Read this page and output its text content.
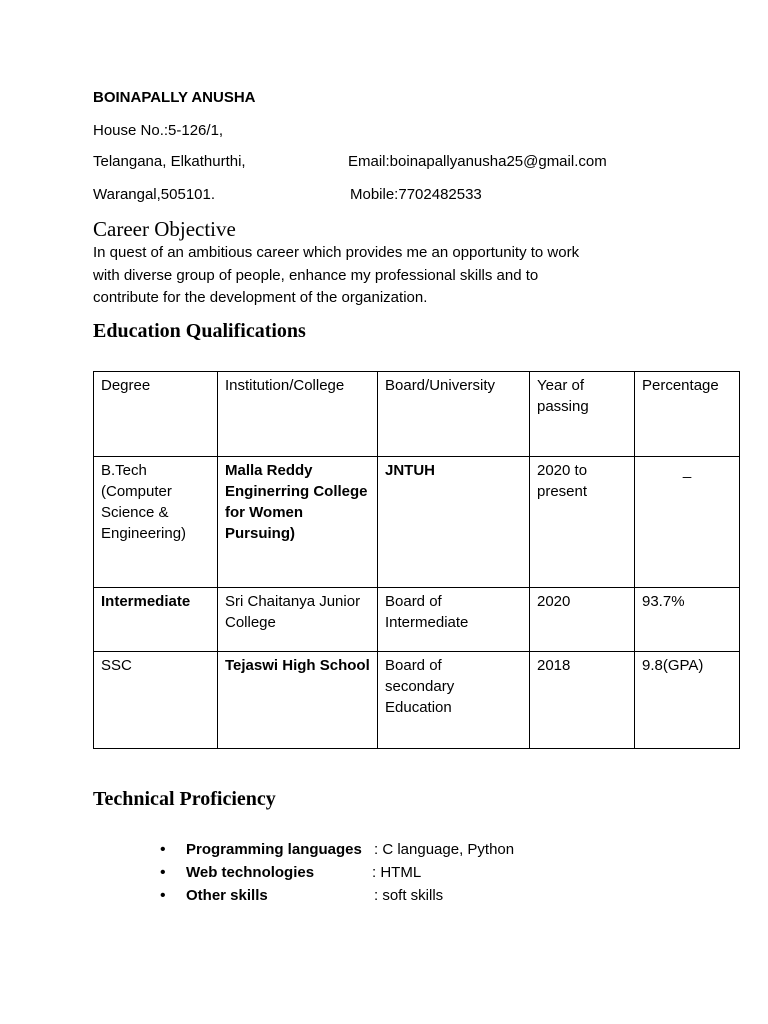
BOINAPALLY ANUSHA
House No.:5-126/1,
Telangana, Elkathurthi,
Warangal,505101.
Email:boinapallyanusha25@gmail.com
Mobile:7702482533
Career Objective
In quest of an ambitious career which provides me an opportunity to work
with diverse group of people, enhance my professional skills and to
contribute for the development of the organization.
Education Qualifications
Degree	Institution/College	Board/University	Year of
passing	Percentage
B.Tech
(Computer
Science &
Engineering)	Malla Reddy
Enginerring College
for Women
Pursuing)	JNTUH	2020 to
present	_
Intermediate	Sri Chaitanya Junior
College	Board of
Intermediate	2020	93.7%
SSC	Tejaswi High School	Board of
secondary
Education	2018	9.8(GPA)
Technical Proficiency
Programming languages : C language, Python
Web technologies	: HTML
Other skills	: soft skills
